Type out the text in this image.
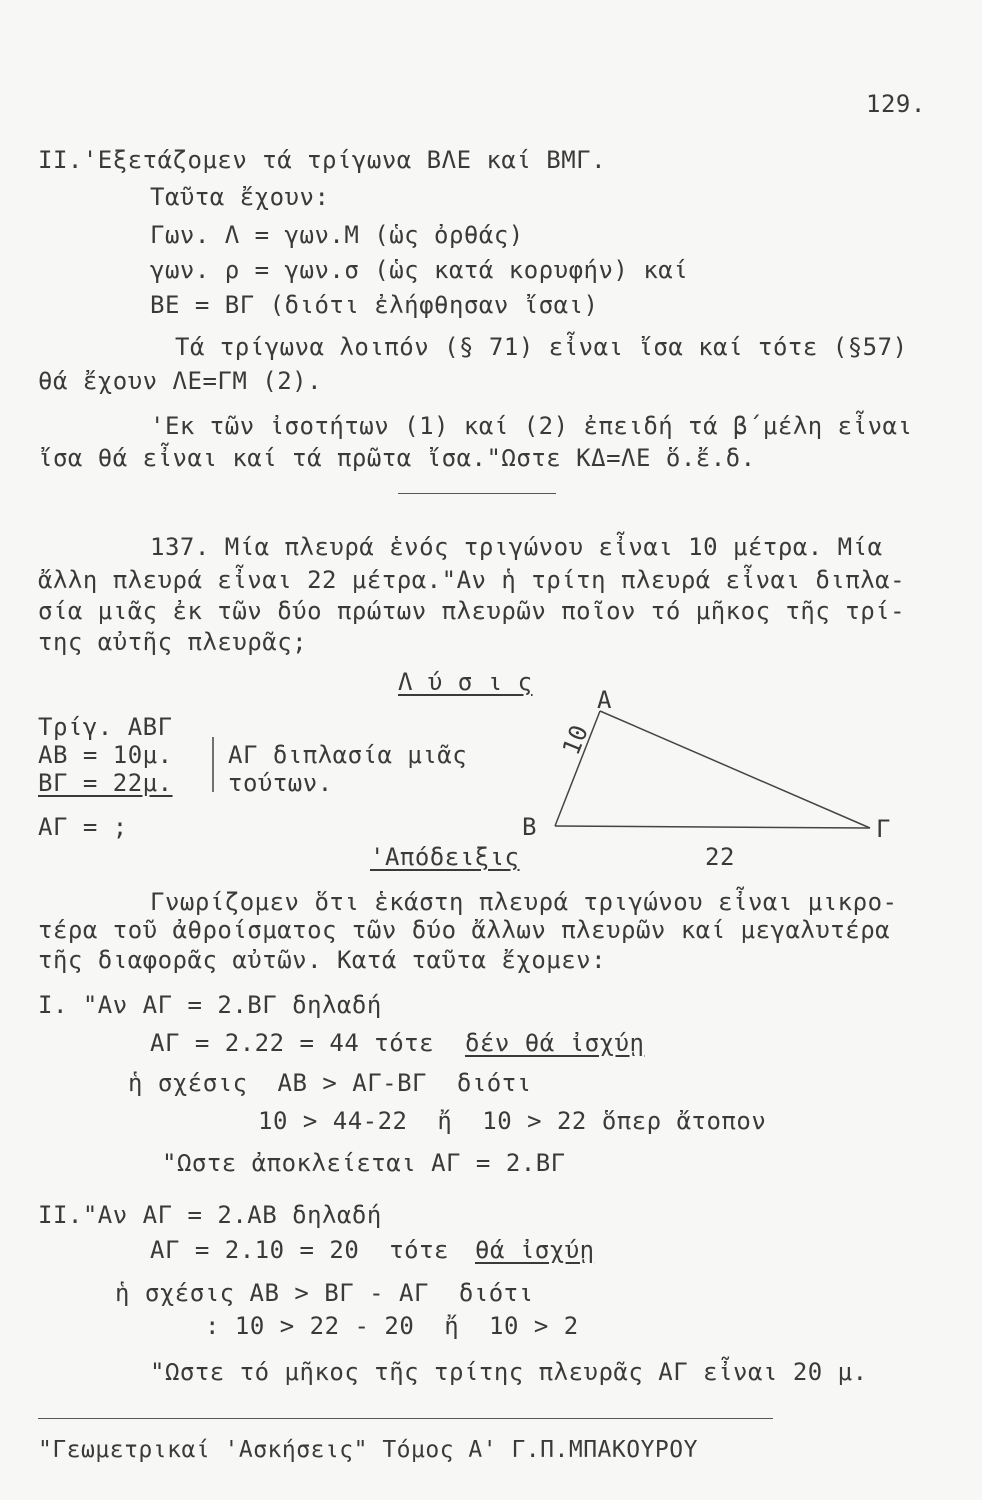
129.
ΙΙ.'Εξετάζομεν τά τρίγωνα ΒΛΕ καί ΒΜΓ.
Ταῦτα ἔχουν:
Γων. Λ = γων.Μ (ὡς ὀρθάς)
γων. ρ = γων.σ (ὡς κατά κορυφήν) καί
ΒΕ = ΒΓ (διότι ἐλήφθησαν ἴσαι)
Τά τρίγωνα λοιπόν (§ 71) εἶναι ἴσα καί τότε (§57)
θά ἔχουν ΛΕ=ΓΜ (2).
'Εκ τῶν ἰσοτήτων (1) καί (2) ἐπειδή τά β΄μέλη εἶναι
ἴσα θά εἶναι καί τά πρῶτα ἴσα."Ωστε ΚΔ=ΛΕ ὅ.ἔ.δ.
137. Μία πλευρά ἑνός τριγώνου εἶναι 10 μέτρα. Μία
ἄλλη πλευρά εἶναι 22 μέτρα."Αν ἡ τρίτη πλευρά εἶναι διπλα-
σία μιᾶς ἐκ τῶν δύο πρώτων πλευρῶν ποῖον τό μῆκος τῆς τρί-
της αὐτῆς πλευρᾶς;
Λ ύ σ ι ς
Τρίγ. ΑΒΓ
ΑΒ = 10μ.
ΒΓ = 22μ.
ΑΓ διπλασία μιᾶς
τούτων.
ΑΓ = ;
'Απόδειξις
Α
Β	Γ
10
22
Γνωρίζομεν ὅτι ἑκάστη πλευρά τριγώνου εἶναι μικρο-
τέρα τοῦ ἀθροίσματος τῶν δύο ἄλλων πλευρῶν καί μεγαλυτέρα
τῆς διαφορᾶς αὐτῶν. Κατά ταῦτα ἔχομεν:
Ι. "Αν ΑΓ = 2.ΒΓ δηλαδή
ΑΓ = 2.22 = 44 τότε δέν θά ἰσχύῃ
ἡ σχέσις  ΑΒ > ΑΓ-ΒΓ  διότι
10 > 44-22  ἤ  10 > 22 ὅπερ ἄτοπον
"Ωστε ἀποκλείεται ΑΓ = 2.ΒΓ
ΙΙ."Αν ΑΓ = 2.ΑΒ δηλαδή
ΑΓ = 2.10 = 20  τότε θά ἰσχύῃ
ἡ σχέσις ΑΒ > ΒΓ - ΑΓ  διότι
: 10 > 22 - 20  ἤ  10 > 2
"Ωστε τό μῆκος τῆς τρίτης πλευρᾶς ΑΓ εἶναι 20 μ.
"Γεωμετρικαί 'Ασκήσεις" Τόμος Α' Γ.Π.ΜΠΑΚΟΥΡΟΥ
